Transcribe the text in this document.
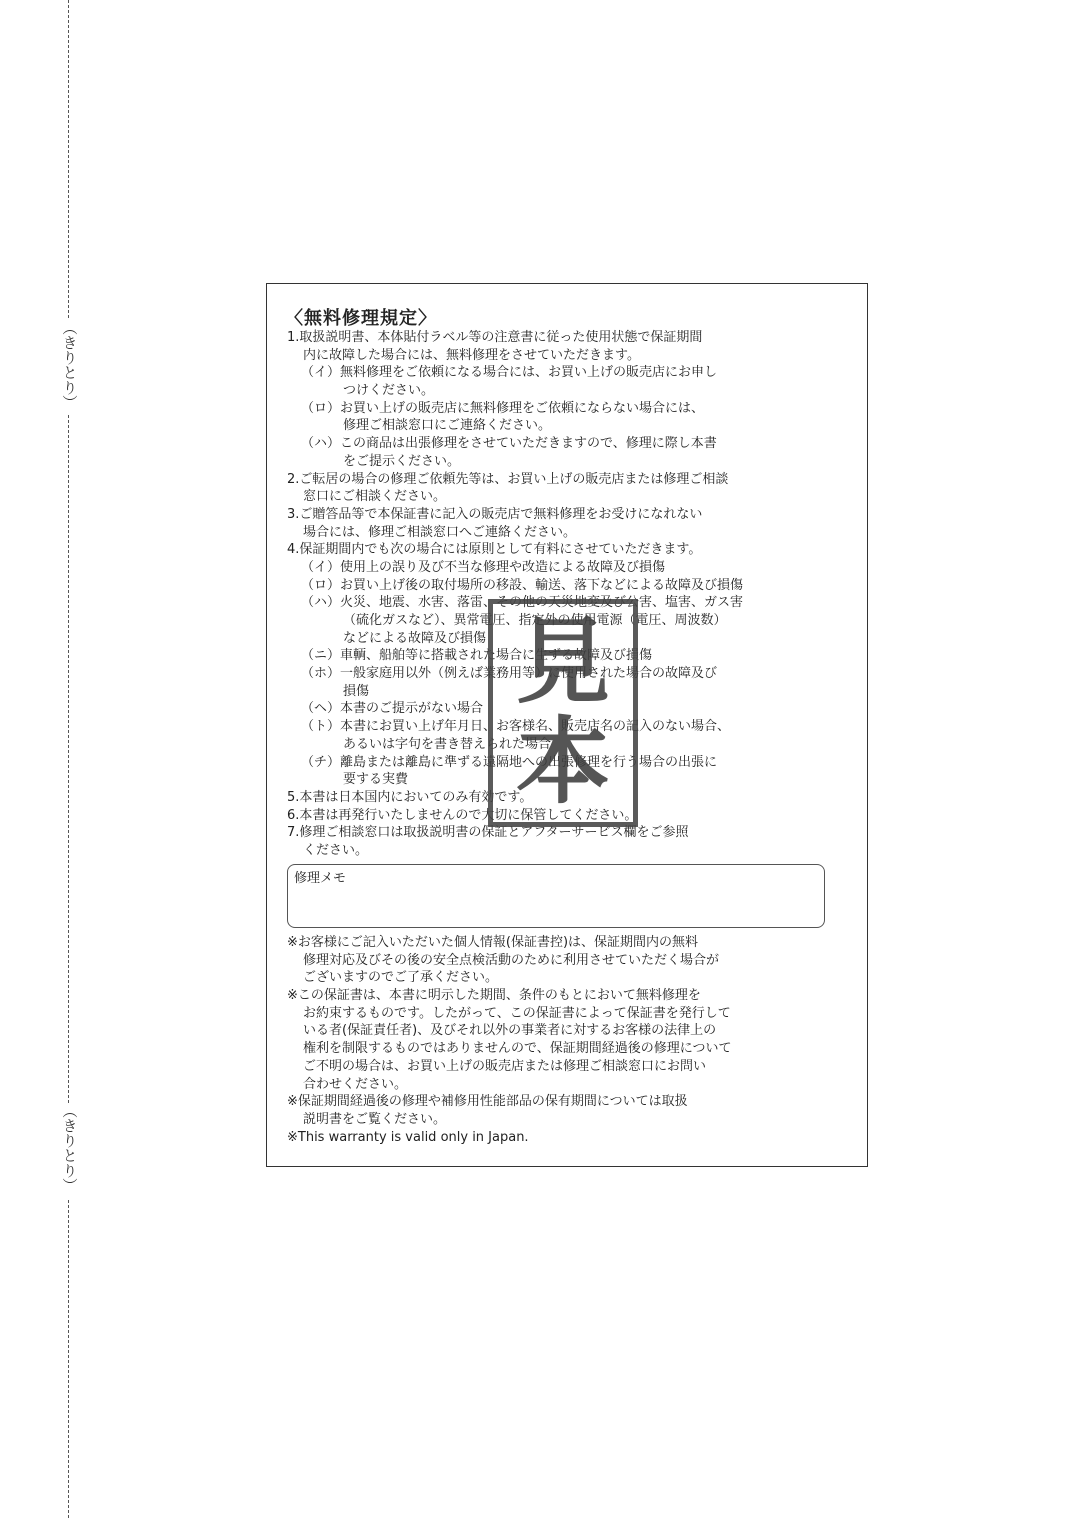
（きりとり）
（きりとり）
〈無料修理規定〉
1.取扱説明書、本体貼付ラベル等の注意書に従った使用状態で保証期間
内に故障した場合には、無料修理をさせていただきます。
（イ）無料修理をご依頼になる場合には、お買い上げの販売店にお申し
つけください。
（ロ）お買い上げの販売店に無料修理をご依頼にならない場合には、
修理ご相談窓口にご連絡ください。
（ハ）この商品は出張修理をさせていただきますので、修理に際し本書
をご提示ください。
2.ご転居の場合の修理ご依頼先等は、お買い上げの販売店または修理ご相談
窓口にご相談ください。
3.ご贈答品等で本保証書に記入の販売店で無料修理をお受けになれない
場合には、修理ご相談窓口へご連絡ください。
4.保証期間内でも次の場合には原則として有料にさせていただきます。
（イ）使用上の誤り及び不当な修理や改造による故障及び損傷
（ロ）お買い上げ後の取付場所の移設、輸送、落下などによる故障及び損傷
（ハ）火災、地震、水害、落雷、その他の天災地変及び公害、塩害、ガス害
（硫化ガスなど）、異常電圧、指定外の使用電源（電圧、周波数）
などによる故障及び損傷
（ニ）車輌、船舶等に搭載された場合に生ずる故障及び損傷
（ホ）一般家庭用以外（例えば業務用等）に使用された場合の故障及び
損傷
（ヘ）本書のご提示がない場合
（ト）本書にお買い上げ年月日、お客様名、販売店名の記入のない場合、
あるいは字句を書き替えられた場合
（チ）離島または離島に準ずる遠隔地への出張修理を行う場合の出張に
要する実費
5.本書は日本国内においてのみ有効です。
6.本書は再発行いたしませんので大切に保管してください。
7.修理ご相談窓口は取扱説明書の保証とアフターサービス欄をご参照
ください。
修理メモ
※お客様にご記入いただいた個人情報(保証書控)は、保証期間内の無料
修理対応及びその後の安全点検活動のために利用させていただく場合が
ございますのでご了承ください。
※この保証書は、本書に明示した期間、条件のもとにおいて無料修理を
お約束するものです。したがって、この保証書によって保証書を発行して
いる者(保証責任者)、及びそれ以外の事業者に対するお客様の法律上の
権利を制限するものではありませんので、保証期間経過後の修理について
ご不明の場合は、お買い上げの販売店または修理ご相談窓口にお問い
合わせください。
※保証期間経過後の修理や補修用性能部品の保有期間については取扱
説明書をご覧ください。
※This warranty is valid only in Japan.
見
本
